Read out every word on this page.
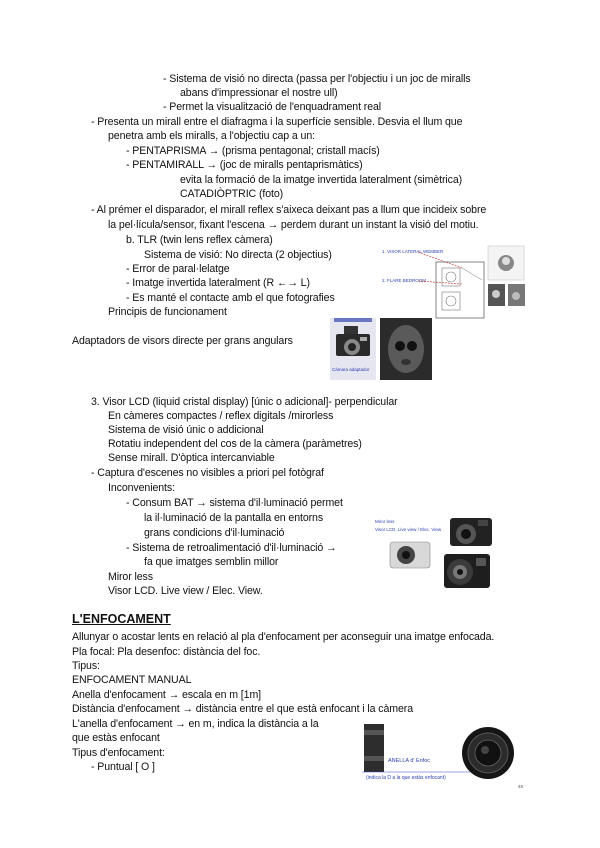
- Sistema de visió no directa (passa per l'objectiu i un joc de miralls
abans d'impressionar el nostre ull)
- Permet la visualització de l'enquadrament real
- Presenta un mirall entre el diafragma i la superfície sensible. Desvia el llum que
penetra amb els miralls, a l'objectiu cap a un:
- PENTAPRISMA → (prisma pentagonal; cristall macís)
- PENTAMIRALL → (joc de miralls pentaprismàtics)
evita la formació de la imatge invertida lateralment (simètrica)
CATADIÒPTRIC (foto)
- Al prémer el disparador, el mirall reflex s'aixeca deixant pas a llum que incideix sobre
la pel·lícula/sensor, fixant l'escena → perdem durant un instant la visió del motiu.
b. TLR (twin lens reflex càmera)
Sistema de visió: No directa (2 objectius)
- Error de paral·lelatge
- Imatge invertida lateralment (R ←→ L)
- Es manté el contacte amb el que fotografies
Principis de funcionament
Adaptadors de visors directe per grans angulars
3. Visor LCD (liquid cristal display) [únic o adicional]- perpendicular
En càmeres compactes / reflex digitals /mirorless
Sistema de visió únic o addicional
Rotatiu independent del cos de la càmera (paràmetres)
Sense mirall. D'òptica intercanviable
- Captura d'escenes no visibles a priori pel fotògraf
Inconvenients:
- Consum BAT → sistema d'il·luminació permet
la il·luminació de la pantalla en entorns
grans condicions d'il·luminació
- Sistema de retroalimentació d'il·luminació →
fa que imatges semblin millor
Miror less
Visor LCD. Live view / Elec. View.
L'ENFOCAMENT
Allunyar o acostar lents en relació al pla d'enfocament per aconseguir una imatge enfocada.
Pla focal: Pla desenfoc: distància del foc.
Tipus:
ENFOCAMENT MANUAL
Anella d'enfocament → escala en m [1m]
Distància d'enfocament → distància entre el que està enfocant i la càmera
L'anella d'enfocament → en m, indica la distància a la
que estàs enfocant
Tipus d'enfocament:
- Puntual [ O ]
1. VISOR LATERAL WEMBER
2. FLARE BEDROOM
Cámara adaptador
Miror less
Visor LCD. Live view / Elec. View
ANELLA d' Enfoc
(indica la D a la que estàs enfocant)
48
